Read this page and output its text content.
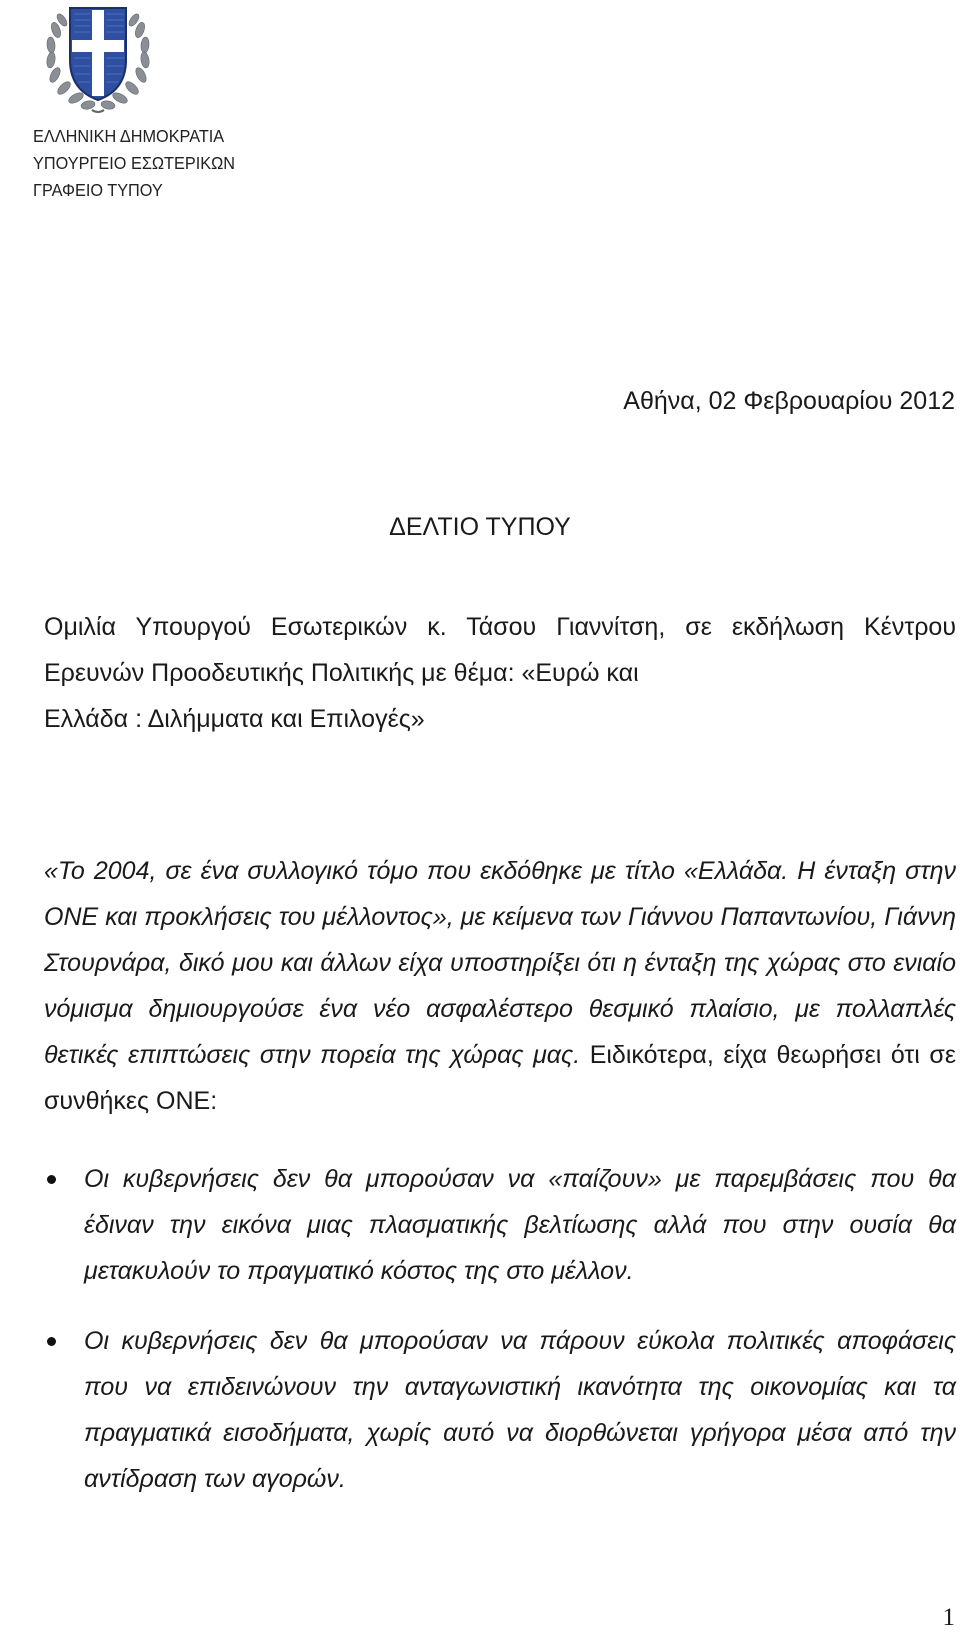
ΕΛΛΗΝΙΚΗ ΔΗΜΟΚΡΑΤΙΑ
ΥΠΟΥΡΓΕΙΟ ΕΣΩΤΕΡΙΚΩΝ
ΓΡΑΦΕΙΟ ΤΥΠΟΥ
Αθήνα, 02 Φεβρουαρίου 2012
ΔΕΛΤΙΟ ΤΥΠΟΥ

Ομιλία Υπουργού Εσωτερικών κ. Τάσου Γιαννίτση, σε εκδήλωση Κέντρου Ερευνών Προοδευτικής Πολιτικής με θέμα: «Ευρώ και

Ελλάδα : Διλήμματα και Επιλογές»

«Το 2004, σε ένα συλλογικό τόμο που εκδόθηκε με τίτλο «Ελλάδα. Η ένταξη στην ΟΝΕ και προκλήσεις του μέλλοντος», με κείμενα των Γιάννου Παπαντωνίου, Γιάννη Στουρνάρα, δικό μου και άλλων είχα υποστηρίξει ότι η ένταξη της χώρας στο ενιαίο νόμισμα δημιουργούσε ένα νέο ασφαλέστερο θεσμικό πλαίσιο, με πολλαπλές θετικές επιπτώσεις στην πορεία της χώρας μας. Ειδικότερα, είχα θεωρήσει ότι σε συνθήκες ΟΝΕ:

Οι κυβερνήσεις δεν θα μπορούσαν να «παίζουν» με παρεμβάσεις που θα έδιναν την εικόνα μιας πλασματικής βελτίωσης αλλά που στην ουσία θα μετακυλούν το πραγματικό κόστος της στο μέλλον.
Οι κυβερνήσεις δεν θα μπορούσαν να πάρουν εύκολα πολιτικές αποφάσεις που να επιδεινώνουν την ανταγωνιστική ικανότητα της οικονομίας και τα πραγματικά εισοδήματα, χωρίς αυτό να διορθώνεται γρήγορα μέσα από την αντίδραση των αγορών.
1
